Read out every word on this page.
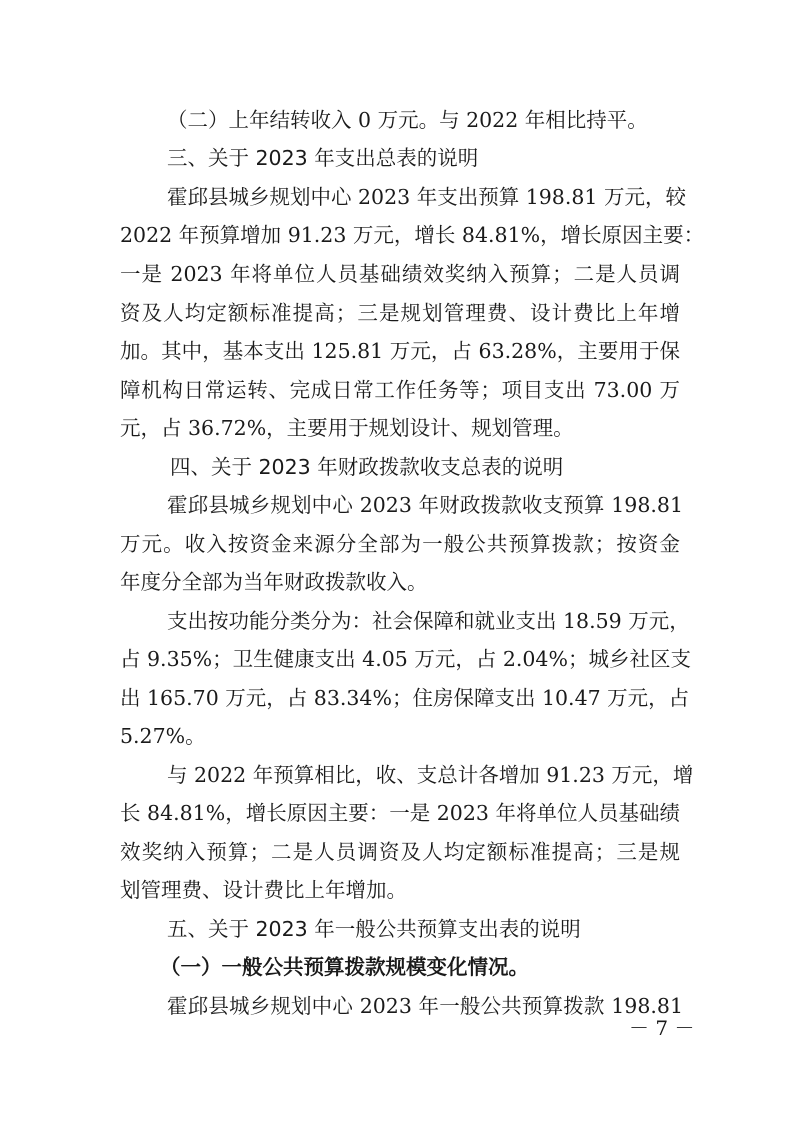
（二）上年结转收入 0 万元。与 2022 年相比持平。
三、关于 2023 年支出总表的说明
霍邱县城乡规划中心 2023 年支出预算 198.81 万元，较
2022 年预算增加 91.23 万元，增长 84.81%，增长原因主要：
一是 2023 年将单位人员基础绩效奖纳入预算；二是人员调
资及人均定额标准提高；三是规划管理费、设计费比上年增
加。其中，基本支出 125.81 万元，占 63.28%，主要用于保
障机构日常运转、完成日常工作任务等；项目支出 73.00 万
元，占 36.72%，主要用于规划设计、规划管理。
四、关于 2023 年财政拨款收支总表的说明
霍邱县城乡规划中心 2023 年财政拨款收支预算 198.81
万元。收入按资金来源分全部为一般公共预算拨款；按资金
年度分全部为当年财政拨款收入。
支出按功能分类分为：社会保障和就业支出 18.59 万元，
占 9.35%；卫生健康支出 4.05 万元，占 2.04%；城乡社区支
出 165.70 万元，占 83.34%；住房保障支出 10.47 万元，占
5.27%。
与 2022 年预算相比，收、支总计各增加 91.23 万元，增
长 84.81%，增长原因主要：一是 2023 年将单位人员基础绩
效奖纳入预算；二是人员调资及人均定额标准提高；三是规
划管理费、设计费比上年增加。
五、关于 2023 年一般公共预算支出表的说明
（一）一般公共预算拨款规模变化情况。
霍邱县城乡规划中心 2023 年一般公共预算拨款 198.81
－ 7 －
